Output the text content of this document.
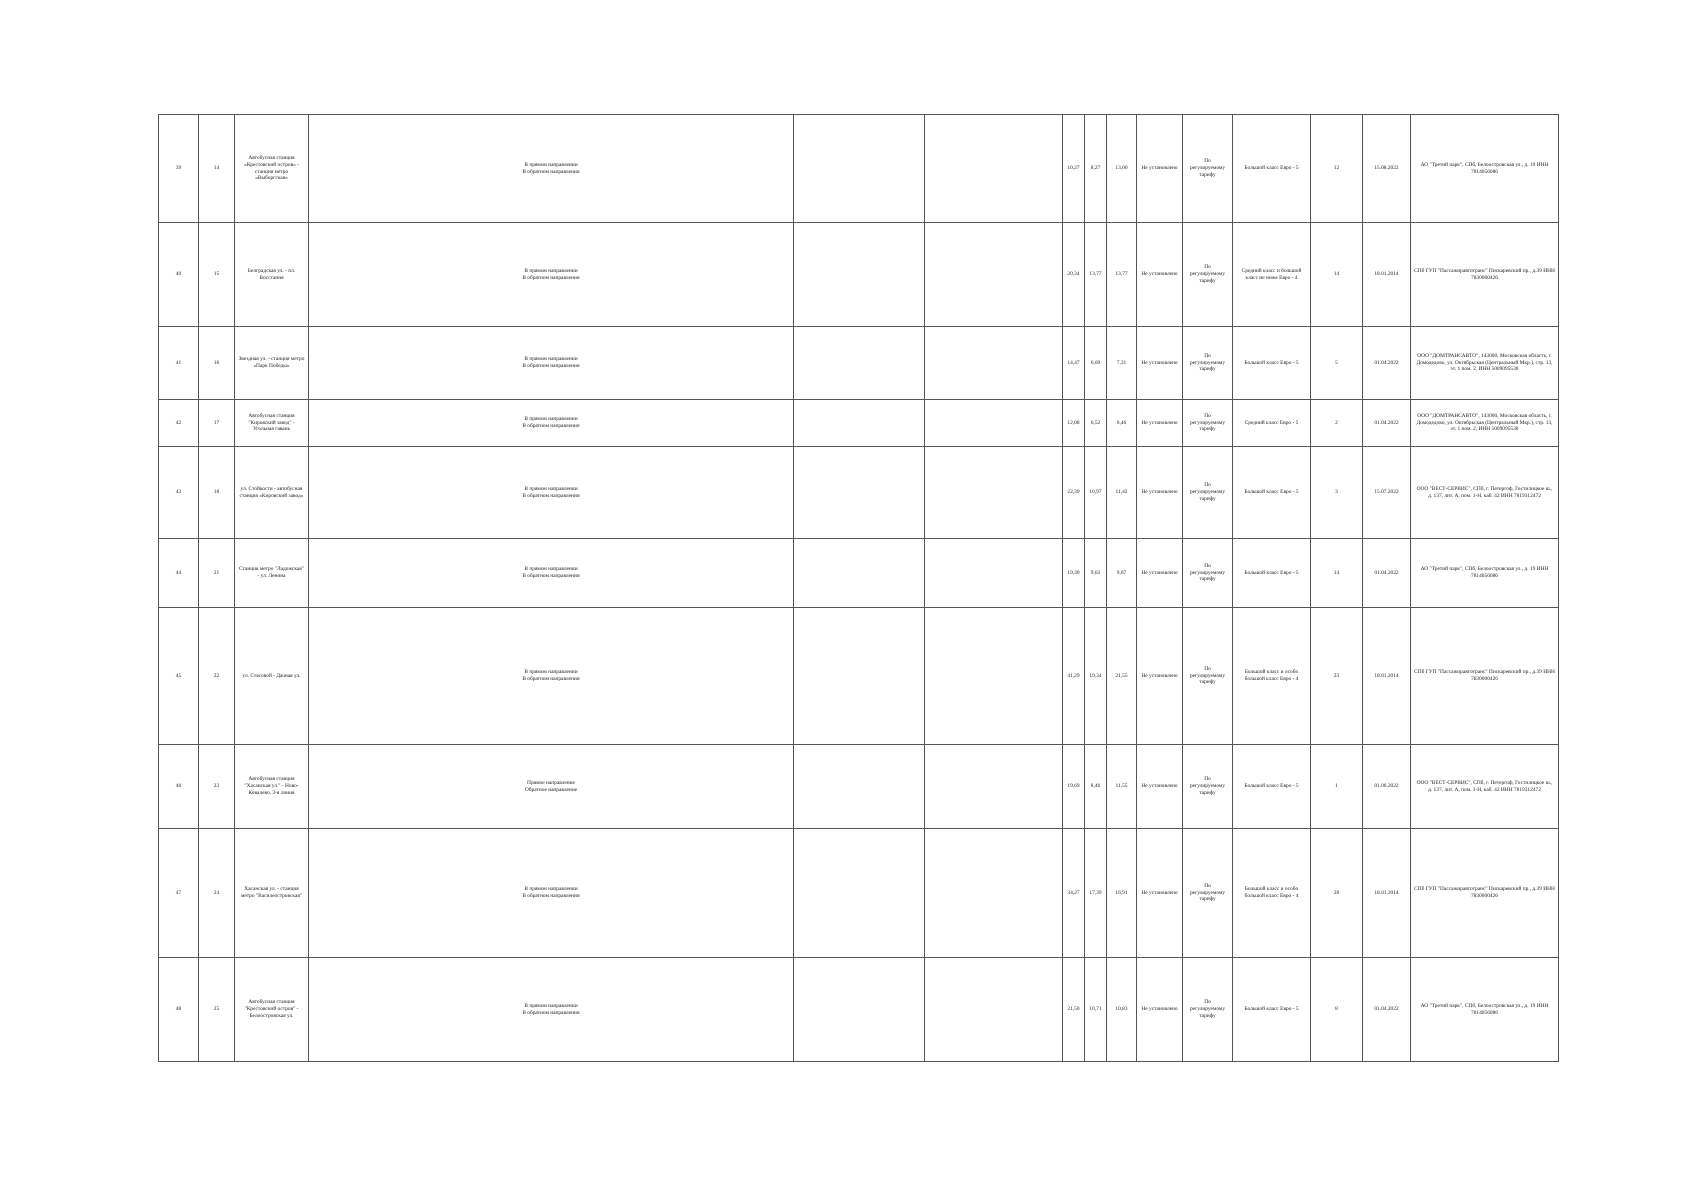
39	14	Автобусная станция «Крестовский остров» - станция метро «Выборгская»	В прямом направлении
В обратном направлении			10,27	8,27	13,00	Не установлено	По регулируемому тарифу	Большой класс Евро - 5	12	15.08.2022	АО "Третий парк", СПб, Белоостровская ул., д. 19 ИНН 7814056086
40	15	Белградская ул. - пл. Восстания	В прямом направлении
В обратном направлении			20,34	13,77	13,77	Не установлено	По регулируемому тарифу	Средний класс и большой класс не ниже Евро - 4	14	18.01.2014	СПб ГУП "Пассажиравтотранс" Пискаревский пр., д.39 ИНН 7830000426
41	16	Звездная ул. - станция метро «Парк Победы»	В прямом направлении
В обратном направлении			14,47	6,69	7,31	Не установлено	По регулируемому тарифу	Большой класс Евро - 5	5	01.04.2022	ООО "ДОМТРАНСАВТО", 143000, Московская область, г. Домодедово, ул. Октябрьская (Центральный Мкр.), стр. 13, эт. 1 пом. 2, ИНН 5009095530
42	17	Автобусная станция "Кировский завод" - Угольная гавань	В прямом направлении
В обратном направлении			12,08	6,52	6,46	Не установлено	По регулируемому тарифу	Средний класс Евро - 5	2	01.04.2022	ООО "ДОМТРАНСАВТО", 143000, Московская область, г. Домодедово, ул. Октябрьская (Центральный Мкр.), стр. 13, эт. 1 пом. 2, ИНН 5009095530
43	18	ул. Стойкости - автобусная станция «Кировский завод»	В прямом направлении
В обратном направлении			22,39	10,97	11,42	Не установлено	По регулируемому тарифу	Большой класс Евро - 5	3	15.07.2022	ООО "ВЕСТ-СЕРВИС", СПб, г. Петергоф, Гостилицкое ш., д. 137, лит. А, пом. 1-Н, каб. 42 ИНН 7819312472
44	21	Станция метро "Ладожская" - ул. Ленина	В прямом направлении
В обратном направлении			19,30	9,63	9,67	Не установлено	По регулируемому тарифу	Большой класс Евро - 5	14	01.04.2022	АО "Третий парк", СПб, Белоостровская ул., д. 19 ИНН 7814056086
45	22	ул. Стасовой - Дачная ул.	В прямом направлении
В обратном направлении			41,29	19,34	21,55	Не установлено	По регулируемому тарифу	Большой класс и особо большой класс Евро - 4	23	18.01.2014	СПб ГУП "Пассажиравтотранс" Пискаревский пр., д.39 ИНН 7830000426
46	23	Автобусная станция "Хасанская ул." - Ново-Ковалево, 3-я линия	Прямое направление
Обратное направление			19,69	8,46	11,55	Не установлено	По регулируемому тарифу	Большой класс Евро - 5	1	01.06.2022	ООО "ВЕСТ-СЕРВИС", СПб, г. Петергоф, Гостилицкое ш., д. 137, лит. А, пом. 1-Н, каб. 42 ИНН 7819312472
47	24	Хасанская ул. - станция метро "Василеостровская"	В прямом направлении
В обратном направлении			34,27	17,39	16,91	Не установлено	По регулируемому тарифу	Большой класс и особо большой класс Евро - 4	28	18.01.2014	СПб ГУП "Пассажиравтотранс" Пискаревский пр., д.39 ИНН 7830000426
48	25	Автобусная станция "Крестовский остров" - Белоостровская ул.	В прямом направлении
В обратном направлении			21,50	10,71	10,83	Не установлено	По регулируемому тарифу	Большой класс Евро - 5	8	01.04.2022	АО "Третий парк", СПб, Белоостровская ул., д. 19 ИНН 7814056086
